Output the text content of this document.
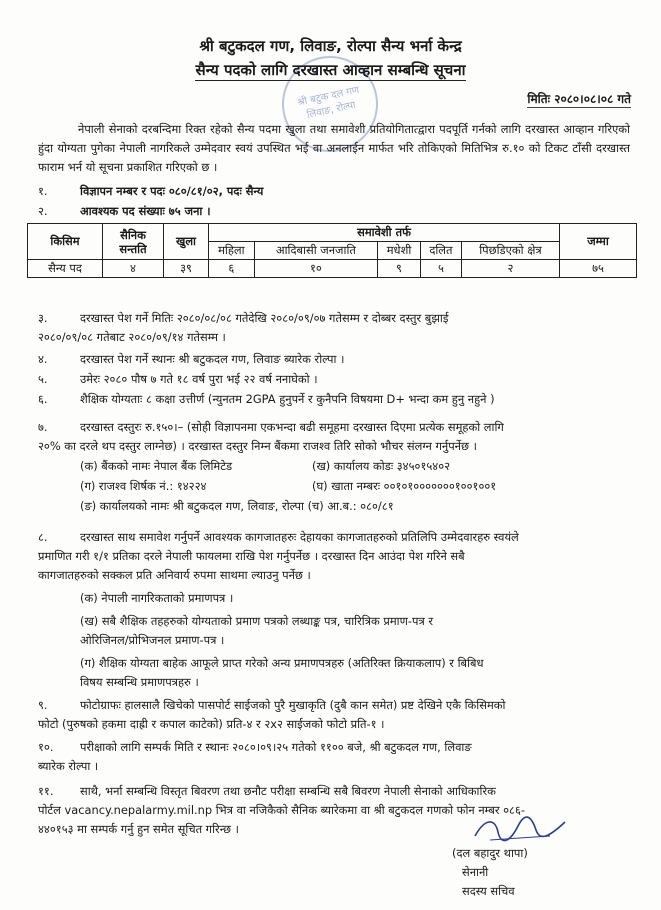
श्री बटुकदल गण, लिवाङ, रोल्पा सैन्य भर्ना केन्द्र
श्री बटुक दल गण लिवाङ, रोल्पा
सैन्य पदको लागि दरखास्त आव्हान सम्बन्धि सूचना
मितिः २०८०।०८।०८ गते
नेपाली सेनाको दरबन्दिमा रिक्त रहेको सैन्य पदमा खुला तथा समावेशी प्रतियोगितात्द्वारा पदपूर्ति गर्नको लागि दरखास्त आव्हान गरिएको हुंदा योग्यता पुगेका नेपाली नागरिकले उम्मेदवार स्वयं उपस्थित भई वा अनलाईन मार्फत भरि तोकिएको मितिभित्र रु.१० को टिकट टाँसी दरखास्त फाराम भर्न यो सूचना प्रकाशित गरिएको छ ।
१.	विज्ञापन नम्बर र पदः ०८०/८१/०२, पदः सैन्य
२.	आवश्यक पद संख्याः ७५ जना ।
किसिम	सैनिक सन्तति	खुला	समावेशी तर्फ					जम्मा
			महिला	आदिबासी जनजाति	मधेशी	दलित	पिछडिएको क्षेत्र	
सैन्य पद	४	३९	६	१०	९	५	२	७५
३.	दरखास्त पेश गर्ने मितिः २०८०/०८/०८ गतेदेखि २०८०/०९/०७ गतेसम्म र दोब्बर दस्तुर बुझाई
२०८०/०९/०८ गतेबाट २०८०/०९/१४ गतेसम्म ।
४.	दरखास्त पेश गर्ने स्थानः श्री बटुकदल गण, लिवाङ ब्यारेक रोल्पा ।
५.	उमेरः २०८० पौष ७ गते १८ वर्ष पुरा भई २२ वर्ष ननाघेको ।
६.	शैक्षिक योग्यताः ८ कक्षा उत्तीर्ण (न्युनतम 2GPA हुनुपर्ने र कुनैपनि विषयमा D+ भन्दा कम हुनु नहुने )
७.	दरखास्त दस्तुरः रु.१५०।– (सोही विज्ञापनमा एकभन्दा बढी समूहमा दरखास्त दिएमा प्रत्येक समूहको लागि
२०% का दरले थप दस्तुर लाग्नेछ) । दरखास्त दस्तुर निम्न बैंकमा राजश्व तिरि सोको भौचर संलग्न गर्नुपर्नेछ ।
(क) बैंकको नामः नेपाल बैंक लिमिटेड	(ख) कार्यालय कोडः ३४५०१५४०२
(ग) राजश्व शिर्षक नं.: १४२२४	(घ) खाता नम्बरः ००१०१०००००००१००१००१
(ङ) कार्यालयको नामः श्री बटुकदल गण, लिवाङ, रोल्पा (च) आ.ब.: ०८०/८१
८.	दरखास्त साथ समावेश गर्नुपर्ने आवश्यक कागजातहरुः देहायका कागजातहरुको प्रतिलिपि उम्मेदवारहरु स्वयंले
प्रमाणित गरी १/१ प्रतिका दरले नेपाली फायलमा राखि पेश गर्नुपर्नेछ । दरखास्त दिन आउंदा पेश गरिने सबै
कागजातहरुको सक्कल प्रति अनिवार्य रुपमा साथमा ल्याउनु पर्नेछ ।
(क) नेपाली नागरिकताको प्रमाणपत्र ।
(ख) सबै शैक्षिक तहहरुको योग्यताको प्रमाण पत्रको लब्धाङ्क पत्र, चारित्रिक प्रमाण-पत्र र
ओरिजिनल/प्रोभिजनल प्रमाण-पत्र ।
(ग) शैक्षिक योग्यता बाहेक आफूले प्राप्त गरेको अन्य प्रमाणपत्रहरु (अतिरिक्त क्रियाकलाप) र बिबिध
विषय सम्बन्धि प्रमाणपत्रहरु ।
९.	फोटोग्राफः हालसालै खिचेको पासपोर्ट साईजको पुरै मुखाकृति (दुबै कान समेत) प्रष्ट देखिने एकै किसिमको
फोटो (पुरुषको हकमा दाह्री र कपाल काटेको) प्रति-४ र २x२ साईजको फोटो प्रति-१ ।
१०. परीक्षाको लागि सम्पर्क मिति र स्थानः २०८०।०९।२५ गतेको ११०० बजे, श्री बटुकदल गण, लिवाङ
ब्यारेक रोल्पा ।
११. साथै, भर्ना सम्बन्धि विस्तृत बिवरण तथा छनौट परीक्षा सम्बन्धि सबै बिवरण नेपाली सेनाको आधिकारिक
पोर्टल vacancy.nepalarmy.mil.np भित्र वा नजिकैको सैनिक ब्यारेकमा वा श्री बटुकदल गणको फोन नम्बर ०८६-
४४०१५३ मा सम्पर्क गर्नु हुन समेत सूचित गरिन्छ ।
(दल बहादुर थापा)
सेनानी
सदस्य सचिव
